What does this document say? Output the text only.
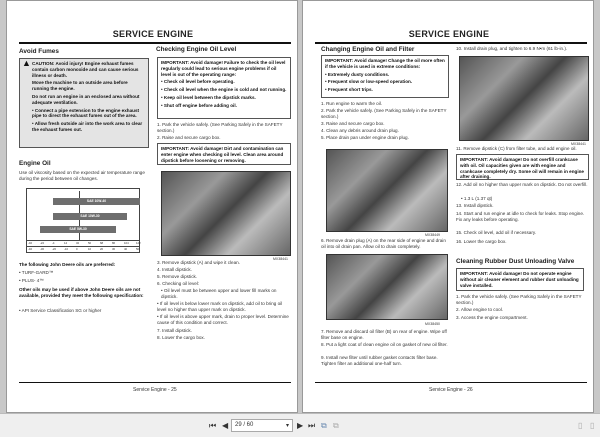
SERVICE ENGINE
Avoid Fumes
▲ CAUTION: Avoid injury! Engine exhaust fumes contain carbon monoxide and can cause serious illness or death.

Move the machine to an outside area before running the engine.

Do not run an engine in an enclosed area without adequate ventilation.

• Connect a pipe extension to the engine exhaust pipe to direct the exhaust fumes out of the area.

• Allow fresh outside air into the work area to clear the exhaust fumes out.

Engine Oil
Use oil viscosity based on the expected air temperature range during the period between oil changes.
SAE 10W-40
SAE 10W-30
SAE 5W-30
-40	-22	-4	14	32	50	68	86	104	122
-40	-30	-20	-10	0	10	20	30	40	50
The following John Deere oils are preferred:
• TURF-GARD™
• PLUS- 4™
Other oils may be used if above John Deere oils are not available, provided they meet the following specification:
• API Service Classification SG or higher
Checking Engine Oil Level

IMPORTANT: Avoid damage! Failure to check the oil level regularly could lead to serious engine problems if oil level is out of the operating range:

• Check oil level before operating.

• Check oil level when the engine is cold and not running.

• Keep oil level between the dipstick marks.

• Shut off engine before adding oil.

1. Park the vehicle safely. (See Parking Safely in the SAFETY section.)
2. Raise and secure cargo box.
IMPORTANT: Avoid damage! Dirt and contamination can enter engine when checking oil level. Clean area around dipstick before loosening or removing.
MX38441
3. Remove dipstick (A) and wipe it clean.
4. Install dipstick.
5. Remove dipstick.
6. Checking oil level:
• Oil level must be between upper and lower fill marks on dipstick.
• If oil level is below lower mark on dipstick, add oil to bring oil level no higher than upper mark on dipstick.
• If oil level is above upper mark, drain to proper level. Determine cause of this condition and correct.
7. Install dipstick.
8. Lower the cargo box.
Service Engine - 25
SERVICE ENGINE
Changing Engine Oil and Filter

IMPORTANT: Avoid damage! Change the oil more often if the vehicle is used in extreme conditions:

• Extremely dusty conditions.

• Frequent slow or low-speed operation.

• Frequent short trips.

1. Run engine to warm the oil.
2. Park the vehicle safely. (See Parking Safely in the SAFETY section.)
3. Raise and secure cargo box.
4. Clean any debris around drain plug.
5. Place drain pan under engine drain plug.
MX38449
6. Remove drain plug (A) on the rear side of engine and drain oil into oil drain pan. Allow oil to drain completely.
MX38450
7. Remove and discard oil filter (B) on rear of engine. Wipe off filter base on engine.
8. Put a light coat of clean engine oil on gasket of new oil filter.
9. Install new filter until rubber gasket contacts filter base. Tighten filter an additional one-half turn.
10. Install drain plug, and tighten to 6.9 N•m (61 lb-in.).
MX38441
11. Remove dipstick (C) from filter tube, and add engine oil.
IMPORTANT: Avoid damage! Do not overfill crankcase with oil. Oil capacities given are with engine and crankcase completely dry. Some oil will remain in engine after draining.
12. Add oil no higher than upper mark on dipstick. Do not overfill.
• 1.3 L (1.37 qt)
13. Install dipstick.
14. Start and run engine at idle to check for leaks. Stop engine. Fix any leaks before operating.
15. Check oil level, add oil if necessary.
16. Lower the cargo box.
Cleaning Rubber Dust Unloading Valve
IMPORTANT: Avoid damage! Do not operate engine without air cleaner element and rubber dust unloading valve installed.
1. Park the vehicle safely. (See Parking Safely in the SAFETY section.)
2. Allow engine to cool.
3. Access the engine compartment.
Service Engine - 26
⏮ ◀	29 / 60	▾ ▶ ⏭ ⧉ ⧉	▯ ▯
